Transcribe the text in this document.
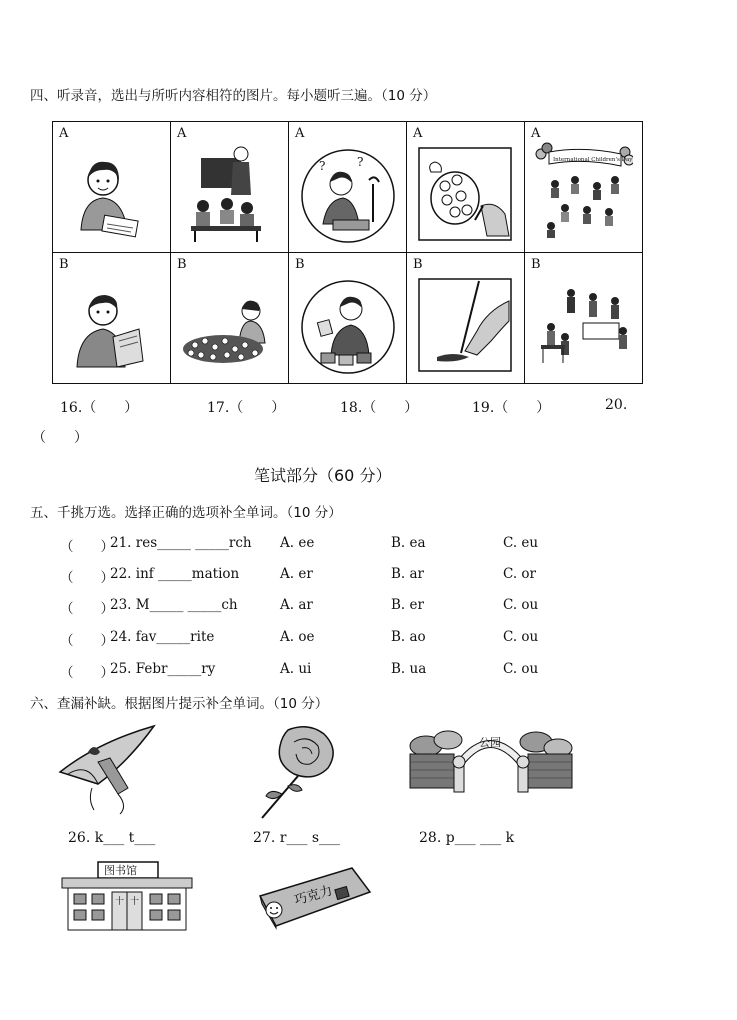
四、听录音，选出与所听内容相符的图片。每小题听三遍。（10 分）
A	A	A
? ?	A	A
International Children's Day

B	B	B	B	B
16.（　　）	17.（　　）	18.（　　）	19.（　　）	20.
（　　）
笔试部分（60 分）
五、千挑万选。选择正确的选项补全单词。（10 分）
（　　）
21. res_____ _____rch A. ee	B. ea	C. eu
（　　）
22. inf _____mation	A. er	B. ar	C. or
（　　）
23. M_____ _____ch	A. ar	B. er	C. ou
（　　）
24. fav_____rite	A. oe	B. ao	C. ou
（　　）
25. Febr_____ry	A. ui	B. ua	C. ou
六、查漏补缺。根据图片提示补全单词。（10 分）
公园
26. k___ t___	27. r___ s___	28. p___ ___ k
图书馆
十 十	巧克力
